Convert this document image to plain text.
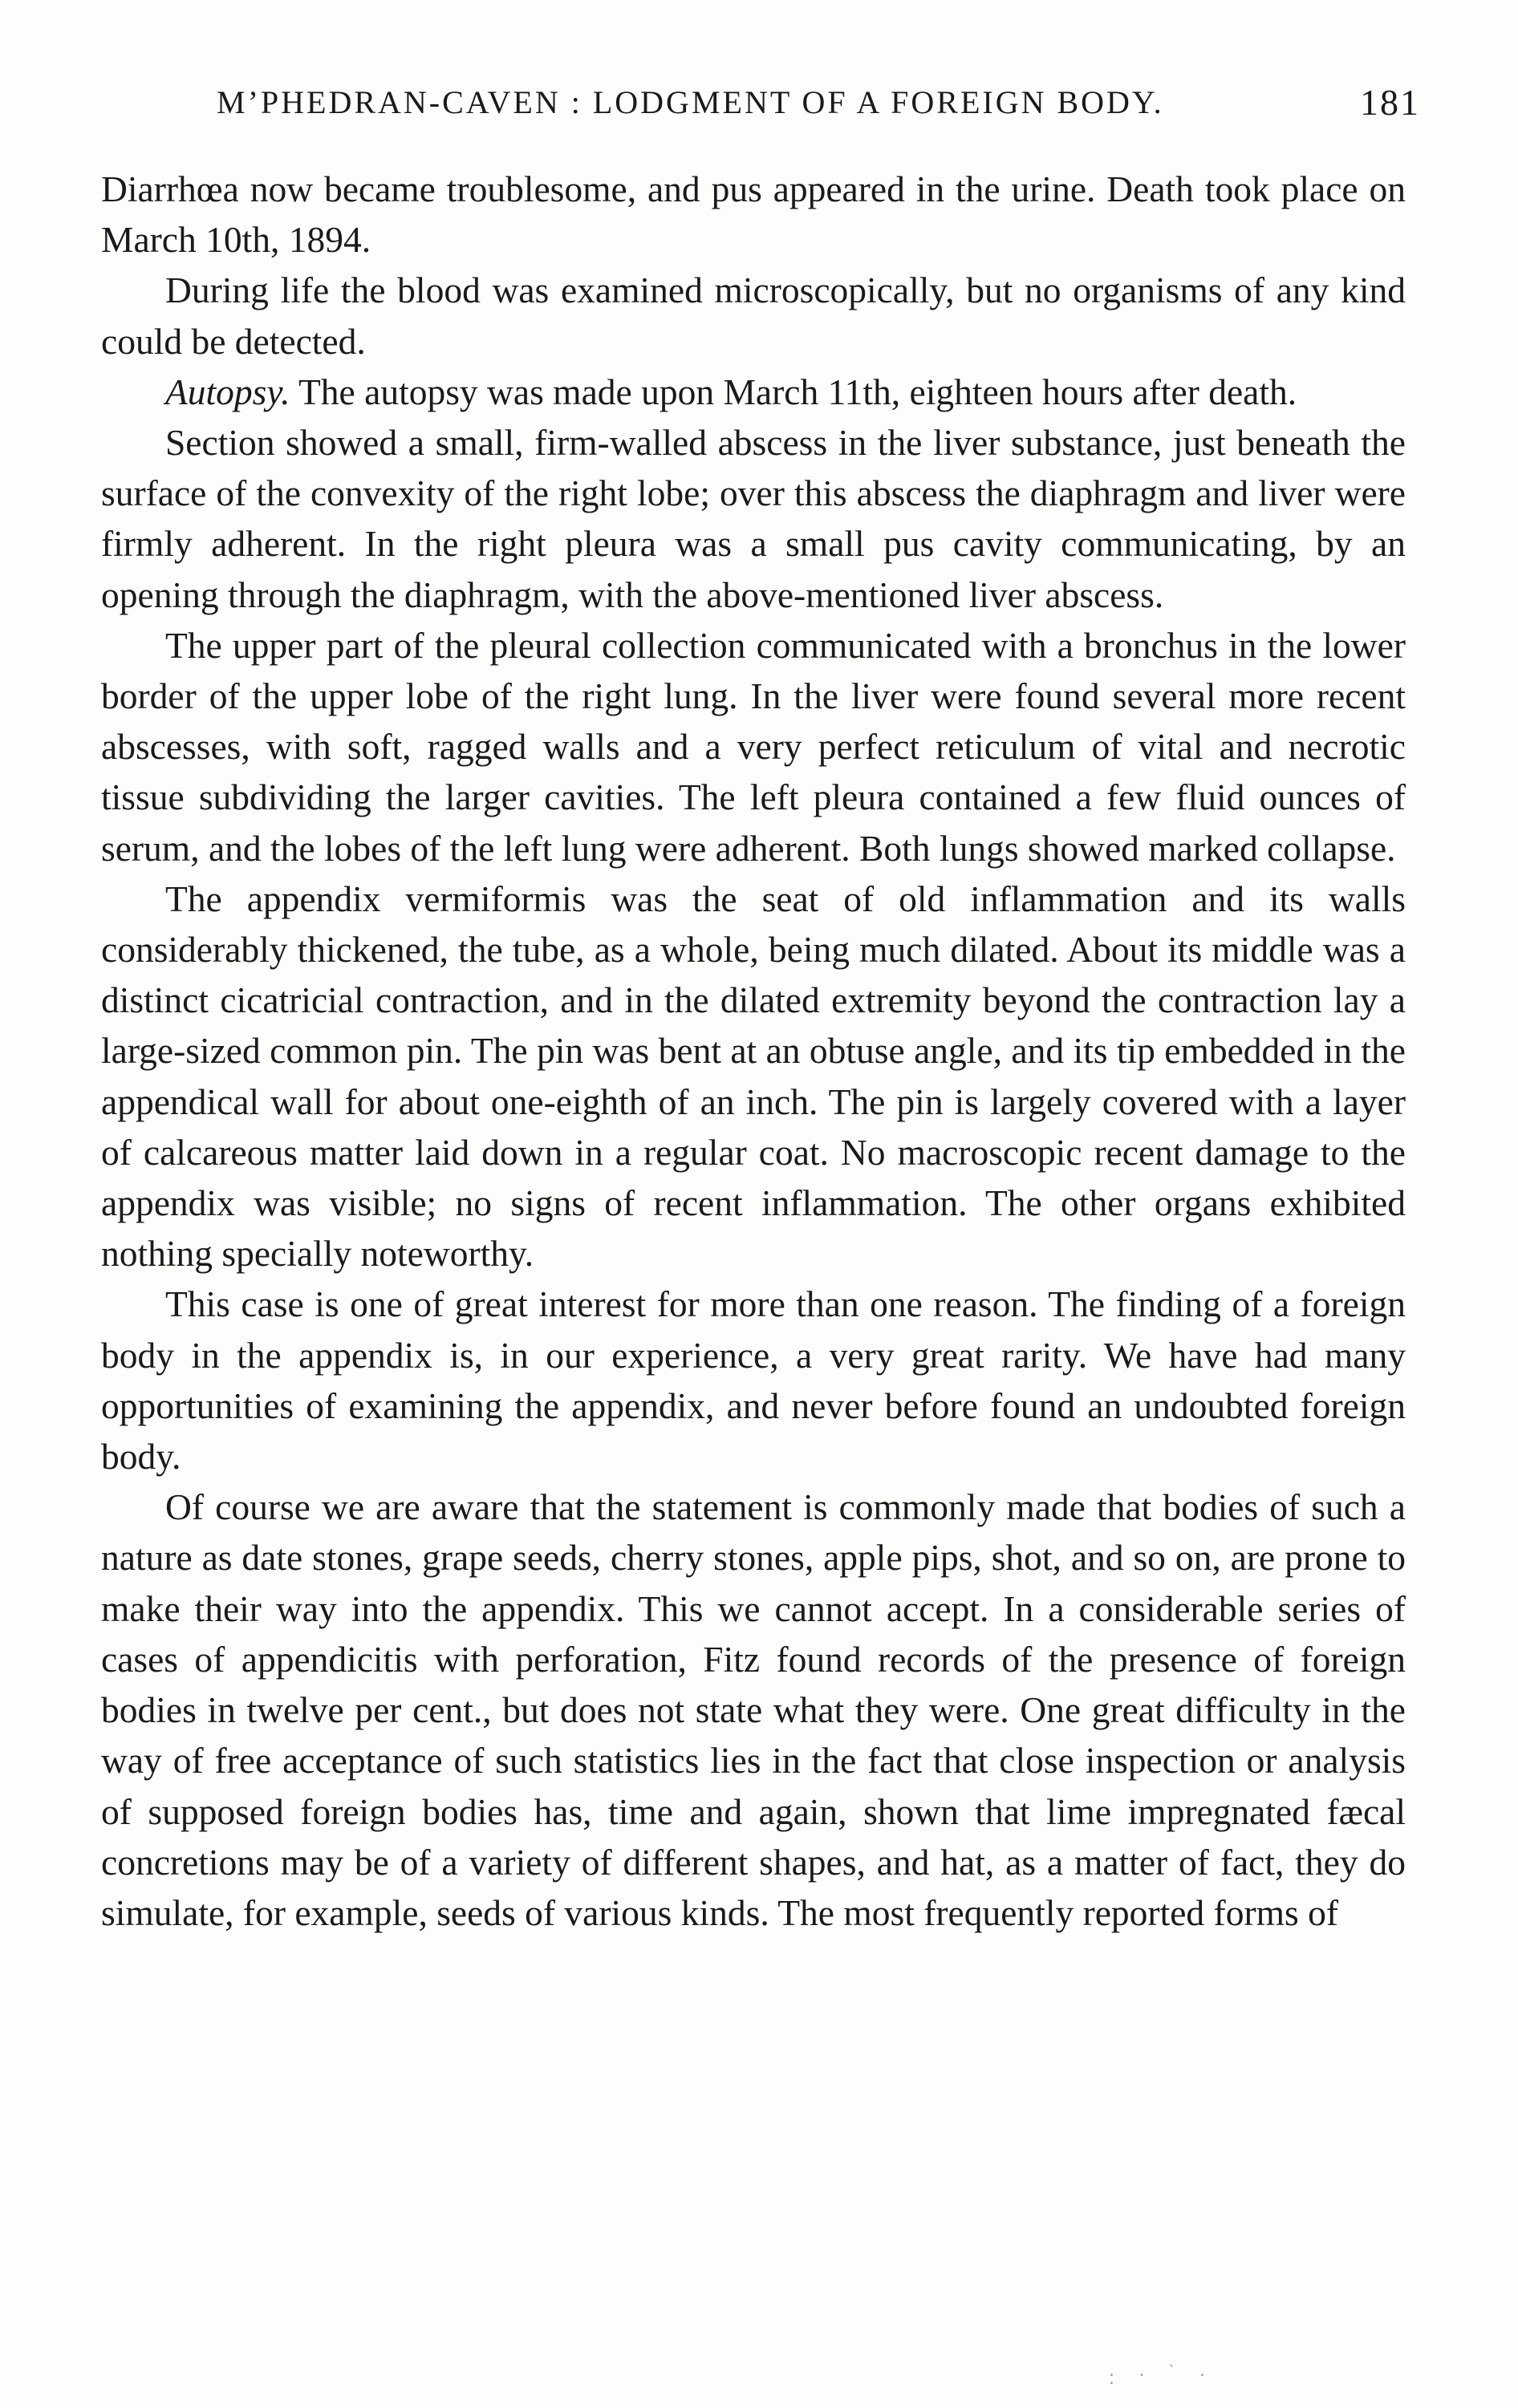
M’PHEDRAN-CAVEN : LODGMENT OF A FOREIGN BODY.	181

Diarrhœa now became troublesome, and pus appeared in the urine. Death took place on March 10th, 1894.

During life the blood was examined microscopically, but no organisms of any kind could be detected.

Autopsy. The autopsy was made upon March 11th, eighteen hours after death.

Section showed a small, firm-walled abscess in the liver substance, just beneath the surface of the convexity of the right lobe; over this abscess the diaphragm and liver were firmly adherent. In the right pleura was a small pus cavity communicating, by an opening through the diaphragm, with the above-mentioned liver abscess.

The upper part of the pleural collection communicated with a bronchus in the lower border of the upper lobe of the right lung. In the liver were found several more recent abscesses, with soft, ragged walls and a very perfect reticulum of vital and necrotic tissue subdividing the larger cavities. The left pleura contained a few fluid ounces of serum, and the lobes of the left lung were adherent. Both lungs showed marked collapse.

The appendix vermiformis was the seat of old inflammation and its walls considerably thickened, the tube, as a whole, being much dilated. About its middle was a distinct cicatricial contraction, and in the dilated extremity beyond the contraction lay a large-sized common pin. The pin was bent at an obtuse angle, and its tip embedded in the appendical wall for about one-eighth of an inch. The pin is largely covered with a layer of calcareous matter laid down in a regular coat. No macroscopic recent damage to the appendix was visible; no signs of recent inflammation. The other organs exhibited nothing specially noteworthy.

This case is one of great interest for more than one reason. The finding of a foreign body in the appendix is, in our experience, a very great rarity. We have had many opportunities of examining the appendix, and never before found an undoubted foreign body.

Of course we are aware that the statement is commonly made that bodies of such a nature as date stones, grape seeds, cherry stones, apple pips, shot, and so on, are prone to make their way into the appendix. This we cannot accept. In a considerable series of cases of appendicitis with perforation, Fitz found records of the presence of foreign bodies in twelve per cent., but does not state what they were. One great difficulty in the way of free acceptance of such statistics lies in the fact that close inspection or analysis of supposed foreign bodies has, time and again, shown that lime impregnated fæcal concretions may be of a variety of different shapes, and hat, as a matter of fact, they do simulate, for example, seeds of various kinds. The most frequently reported forms of

. . ` . .
